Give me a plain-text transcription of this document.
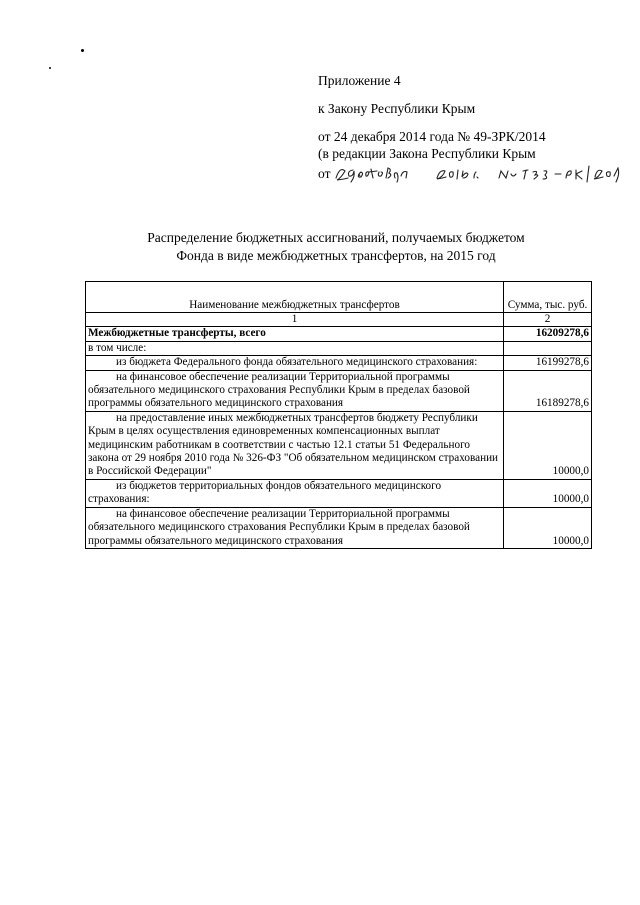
Приложение 4
к Закону Республики Крым
от 24 декабря 2014 года № 49-ЗРК/2014
(в редакции Закона Республики Крым
от
Распределение бюджетных ассигнований, получаемых бюджетом
Фонда в виде межбюджетных трансфертов, на 2015 год
Наименование межбюджетных трансфертов	Сумма, тыс. руб.
1	2
Межбюджетные трансферты, всего	16209278,6
в том числе:	

из бюджета Федерального фонда обязательного медицинского страхования:	16199278,6

на финансовое обеспечение реализации Территориальной программы обязательного медицинского страхования Республики Крым в пределах базовой программы обязательного медицинского страхования	16189278,6

на предоставление иных межбюджетных трансфертов бюджету Республики Крым в целях осуществления единовременных компенсационных выплат медицинским работникам в соответствии с частью 12.1 статьи 51 Федерального закона от 29 ноября 2010 года № 326-ФЗ "Об обязательном медицинском страховании в Российской Федерации"	10000,0

из бюджетов территориальных фондов обязательного медицинского страхования:	10000,0

на финансовое обеспечение реализации Территориальной программы обязательного медицинского страхования Республики Крым в пределах базовой программы обязательного медицинского страхования	10000,0
